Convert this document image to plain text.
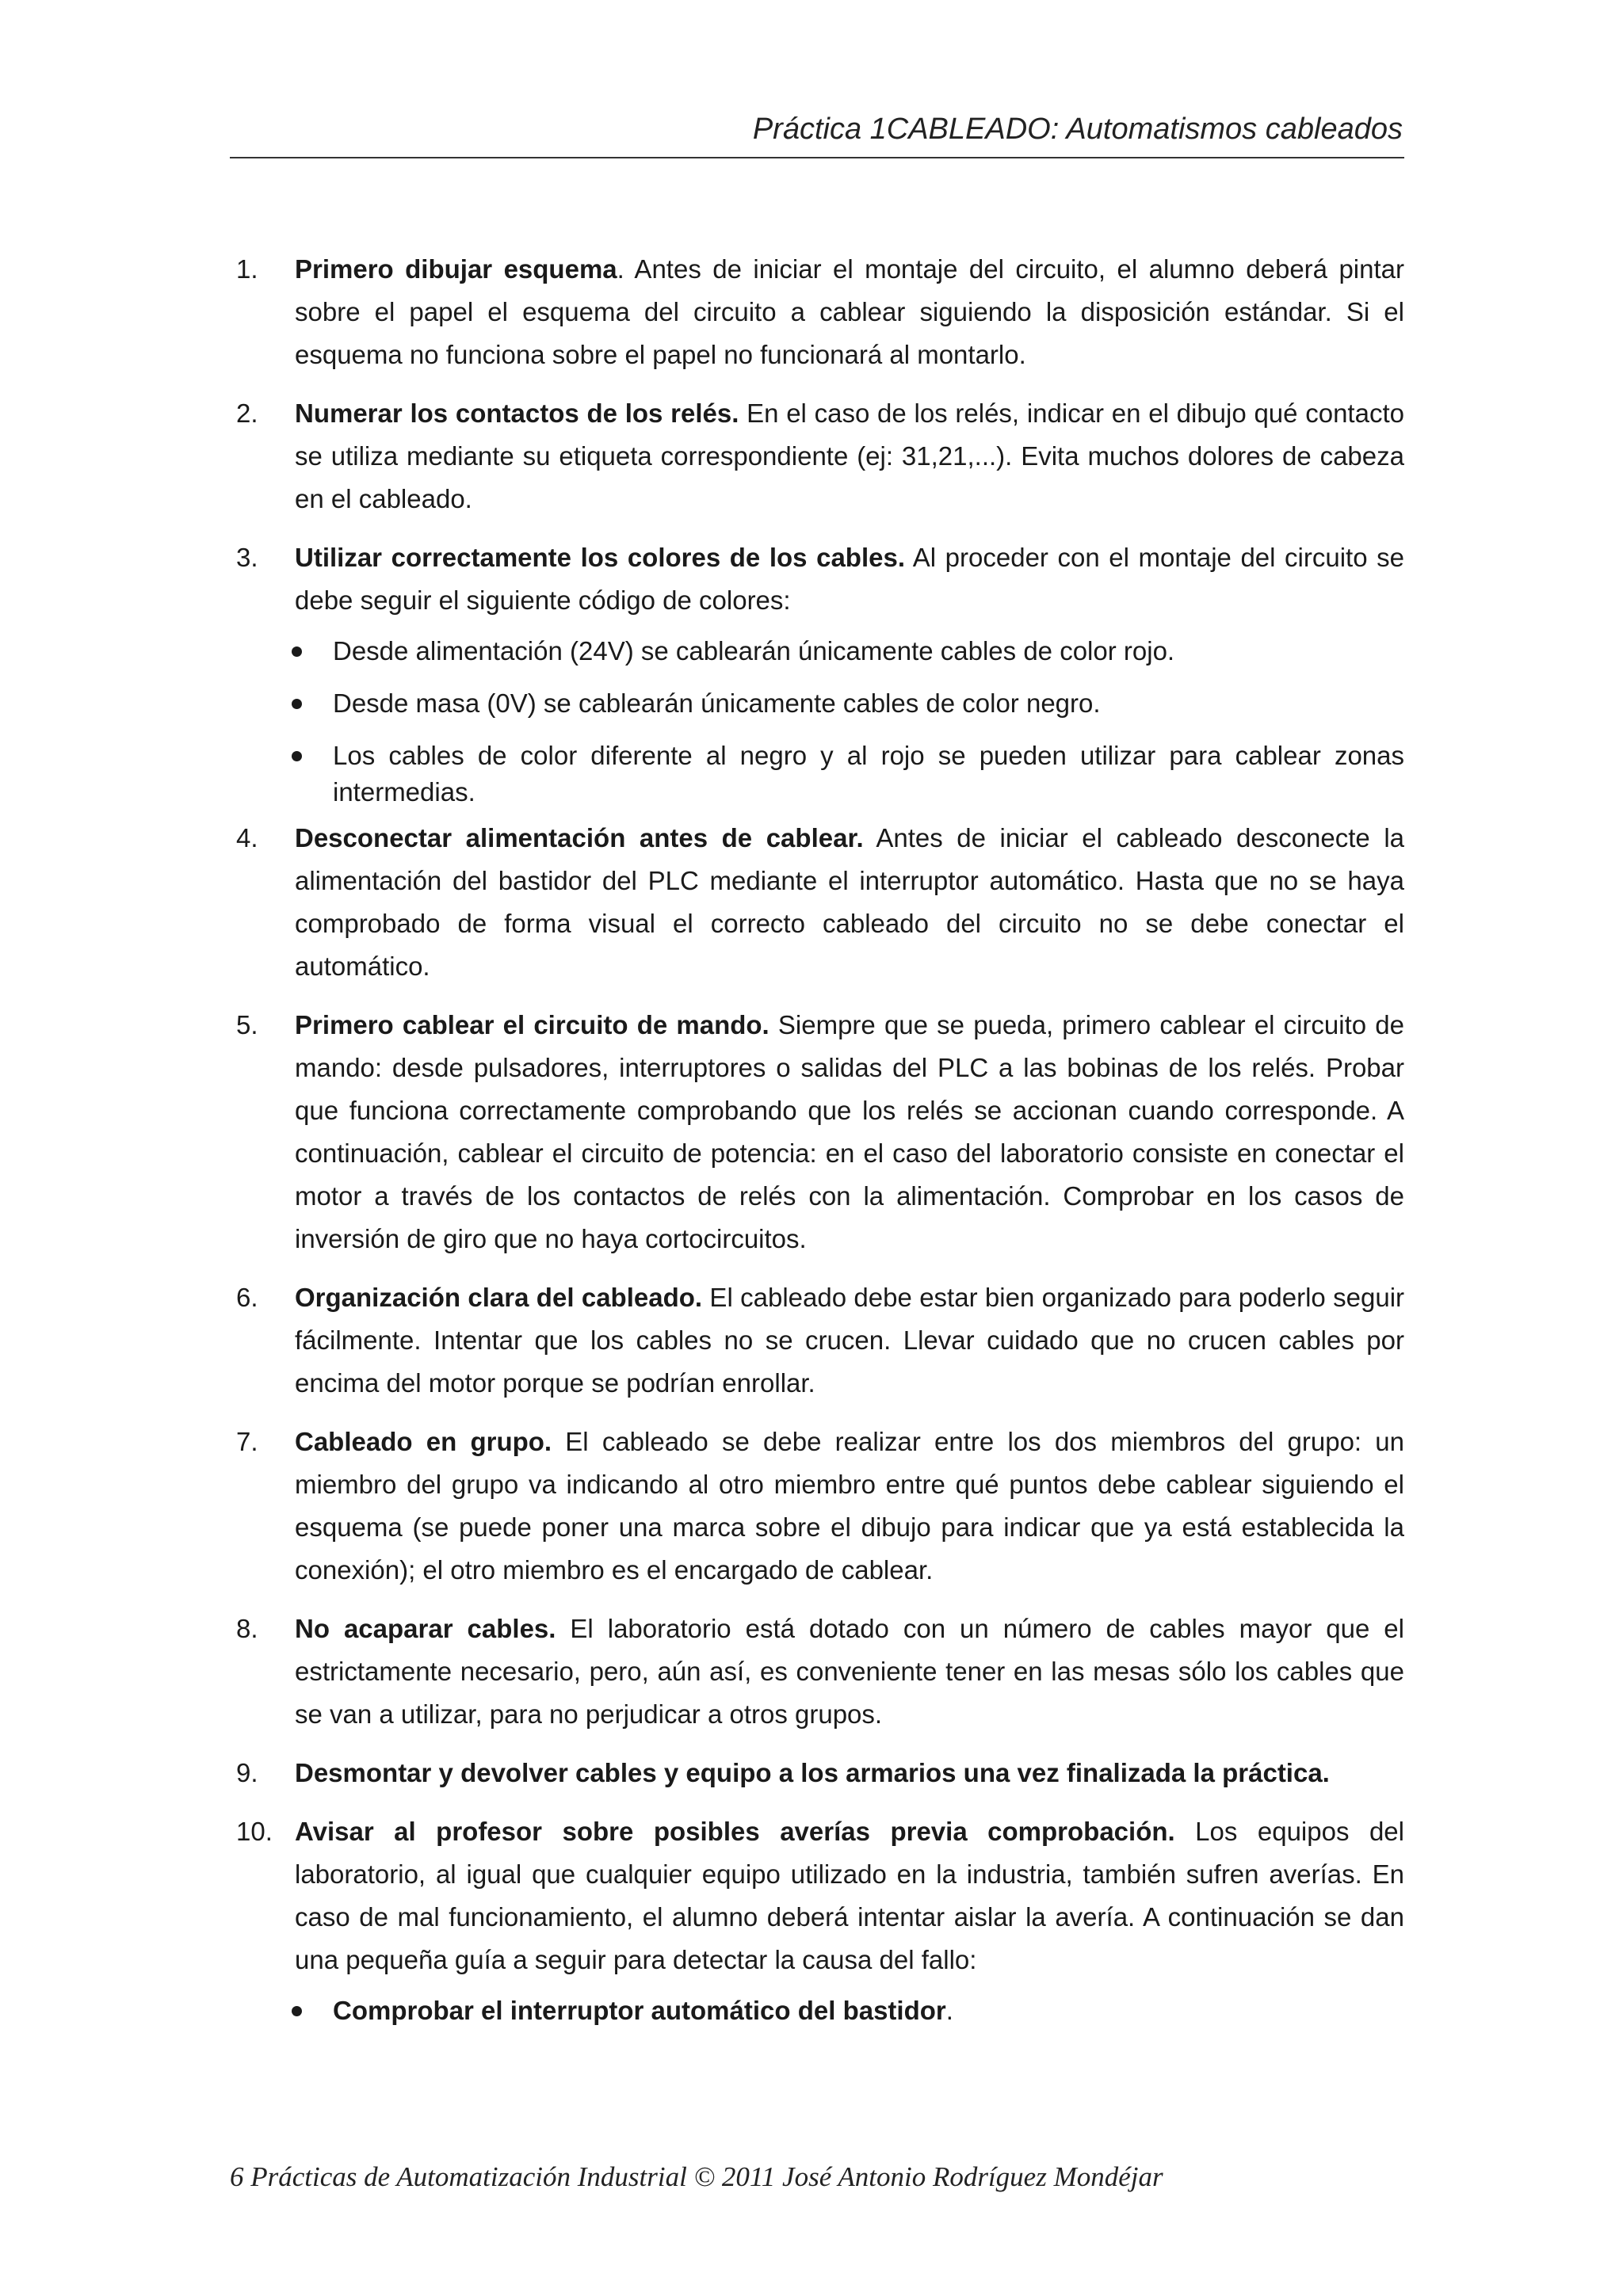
Práctica 1CABLEADO: Automatismos cableados
1. Primero dibujar esquema. Antes de iniciar el montaje del circuito, el alumno deberá pintar sobre el papel el esquema del circuito a cablear siguiendo la disposición estándar. Si el esquema no funciona sobre el papel no funcionará al montarlo.
2. Numerar los contactos de los relés. En el caso de los relés, indicar en el dibujo qué contacto se utiliza mediante su etiqueta correspondiente (ej: 31,21,...). Evita muchos dolores de cabeza en el cableado.
3. Utilizar correctamente los colores de los cables. Al proceder con el montaje del circuito se debe seguir el siguiente código de colores:
Desde alimentación (24V) se cablearán únicamente cables de color rojo.
Desde masa (0V) se cablearán únicamente cables de color negro.
Los cables de color diferente al negro y al rojo se pueden utilizar para cablear zonas intermedias.
4. Desconectar alimentación antes de cablear. Antes de iniciar el cableado desconecte la alimentación del bastidor del PLC mediante el interruptor automático. Hasta que no se haya comprobado de forma visual el correcto cableado del circuito no se debe conectar el automático.
5. Primero cablear el circuito de mando. Siempre que se pueda, primero cablear el circuito de mando: desde pulsadores, interruptores o salidas del PLC a las bobinas de los relés. Probar que funciona correctamente comprobando que los relés se accionan cuando corresponde. A continuación, cablear el circuito de potencia: en el caso del laboratorio consiste en conectar el motor a través de los contactos de relés con la alimentación. Comprobar en los casos de inversión de giro que no haya cortocircuitos.
6. Organización clara del cableado. El cableado debe estar bien organizado para poderlo seguir fácilmente. Intentar que los cables no se crucen. Llevar cuidado que no crucen cables por encima del motor porque se podrían enrollar.
7. Cableado en grupo. El cableado se debe realizar entre los dos miembros del grupo: un miembro del grupo va indicando al otro miembro entre qué puntos debe cablear siguiendo el esquema (se puede poner una marca sobre el dibujo para indicar que ya está establecida la conexión); el otro miembro es el encargado de cablear.
8. No acaparar cables. El laboratorio está dotado con un número de cables mayor que el estrictamente necesario, pero, aún así, es conveniente tener en las mesas sólo los cables que se van a utilizar, para no perjudicar a otros grupos.
9. Desmontar y devolver cables y equipo a los armarios una vez finalizada la práctica.
10. Avisar al profesor sobre posibles averías previa comprobación. Los equipos del laboratorio, al igual que cualquier equipo utilizado en la industria, también sufren averías. En caso de mal funcionamiento, el alumno deberá intentar aislar la avería. A continuación se dan una pequeña guía a seguir para detectar la causa del fallo:
Comprobar el interruptor automático del bastidor.
6 Prácticas de Automatización Industrial © 2011 José Antonio Rodríguez Mondéjar
